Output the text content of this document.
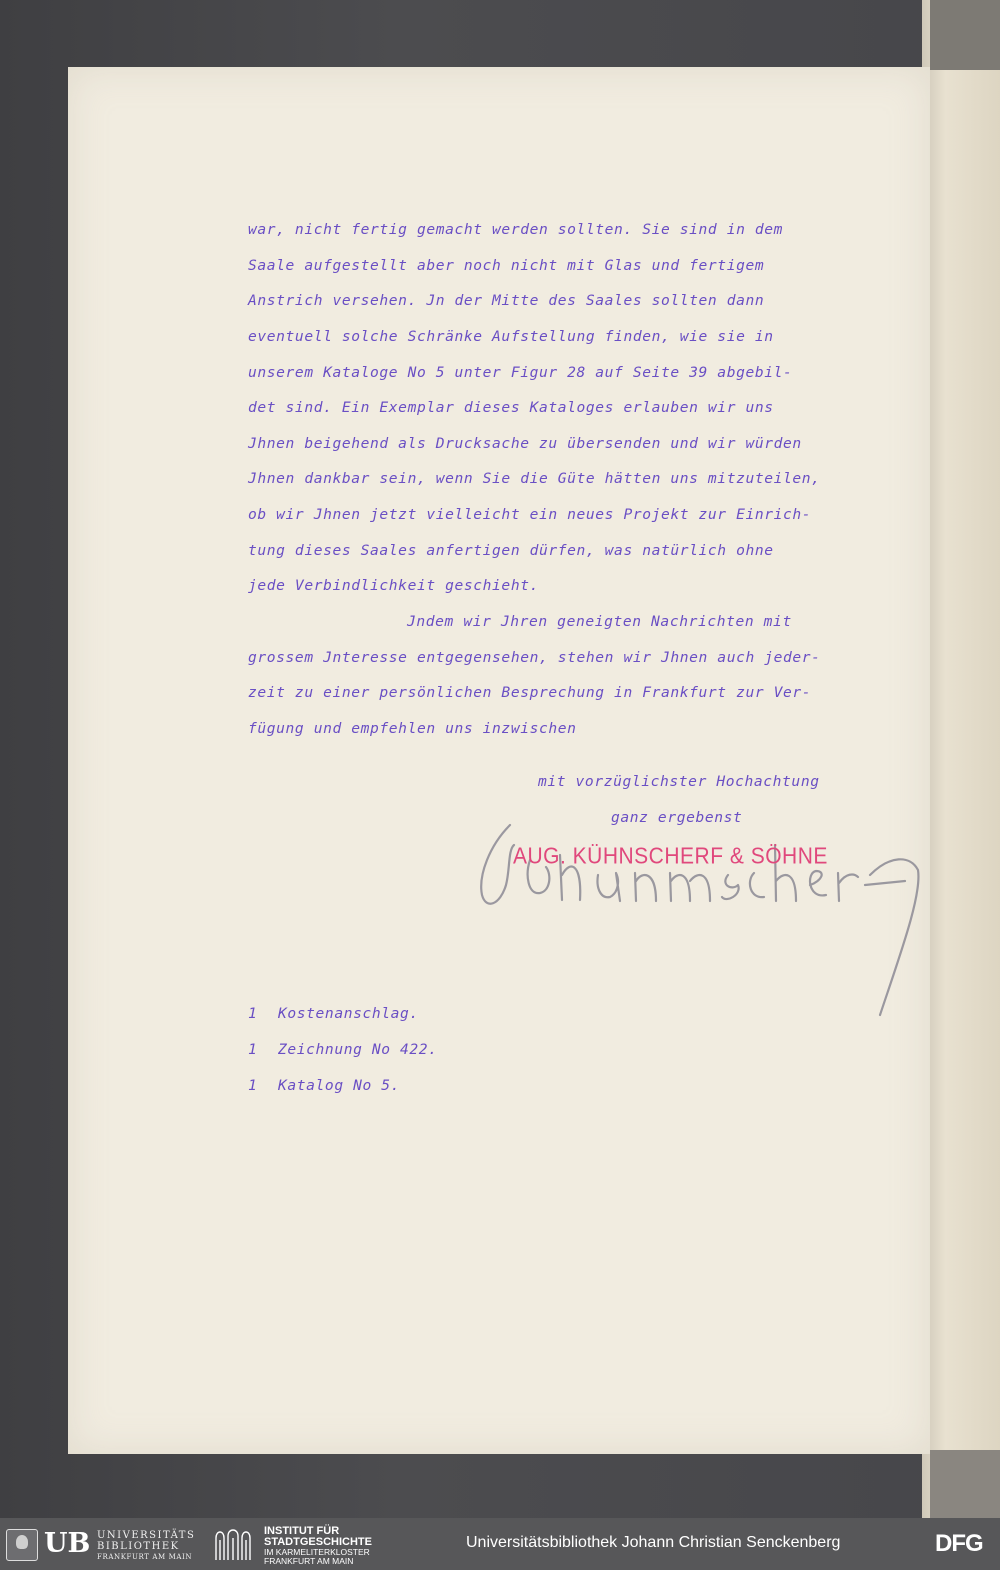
war, nicht fertig gemacht werden sollten. Sie sind in dem

Saale aufgestellt aber noch nicht mit Glas und fertigem

Anstrich versehen. Jn der Mitte des Saales sollten dann

eventuell solche Schränke Aufstellung finden, wie sie in

unserem Kataloge No 5 unter Figur 28 auf Seite 39 abgebil-

det sind. Ein Exemplar dieses Kataloges erlauben wir uns

Jhnen beigehend als Drucksache zu übersenden und wir würden

Jhnen dankbar sein, wenn Sie die Güte hätten uns mitzuteilen,

ob wir Jhnen jetzt vielleicht ein neues Projekt zur Einrich-

tung dieses Saales anfertigen dürfen, was natürlich ohne

jede Verbindlichkeit geschieht.

Jndem wir Jhren geneigten Nachrichten mit

grossem Jnteresse entgegensehen, stehen wir Jhnen auch jeder-

zeit zu einer persönlichen Besprechung in Frankfurt zur Ver-

fügung und empfehlen uns inzwischen

mit vorzüglichster Hochachtung

ganz ergebenst

AUG. KÜHNSCHERF & SÖHNE

1 Kostenanschlag.

1 Zeichnung No 422.

1 Katalog No 5.

UB UNIVERSITÄTS
BIBLIOTHEK
FRANKFURT AM MAIN
INSTITUT FÜR
STADTGESCHICHTE
IM KARMELITERKLOSTER
FRANKFURT AM MAIN
Universitätsbibliothek Johann Christian Senckenberg	DFG
